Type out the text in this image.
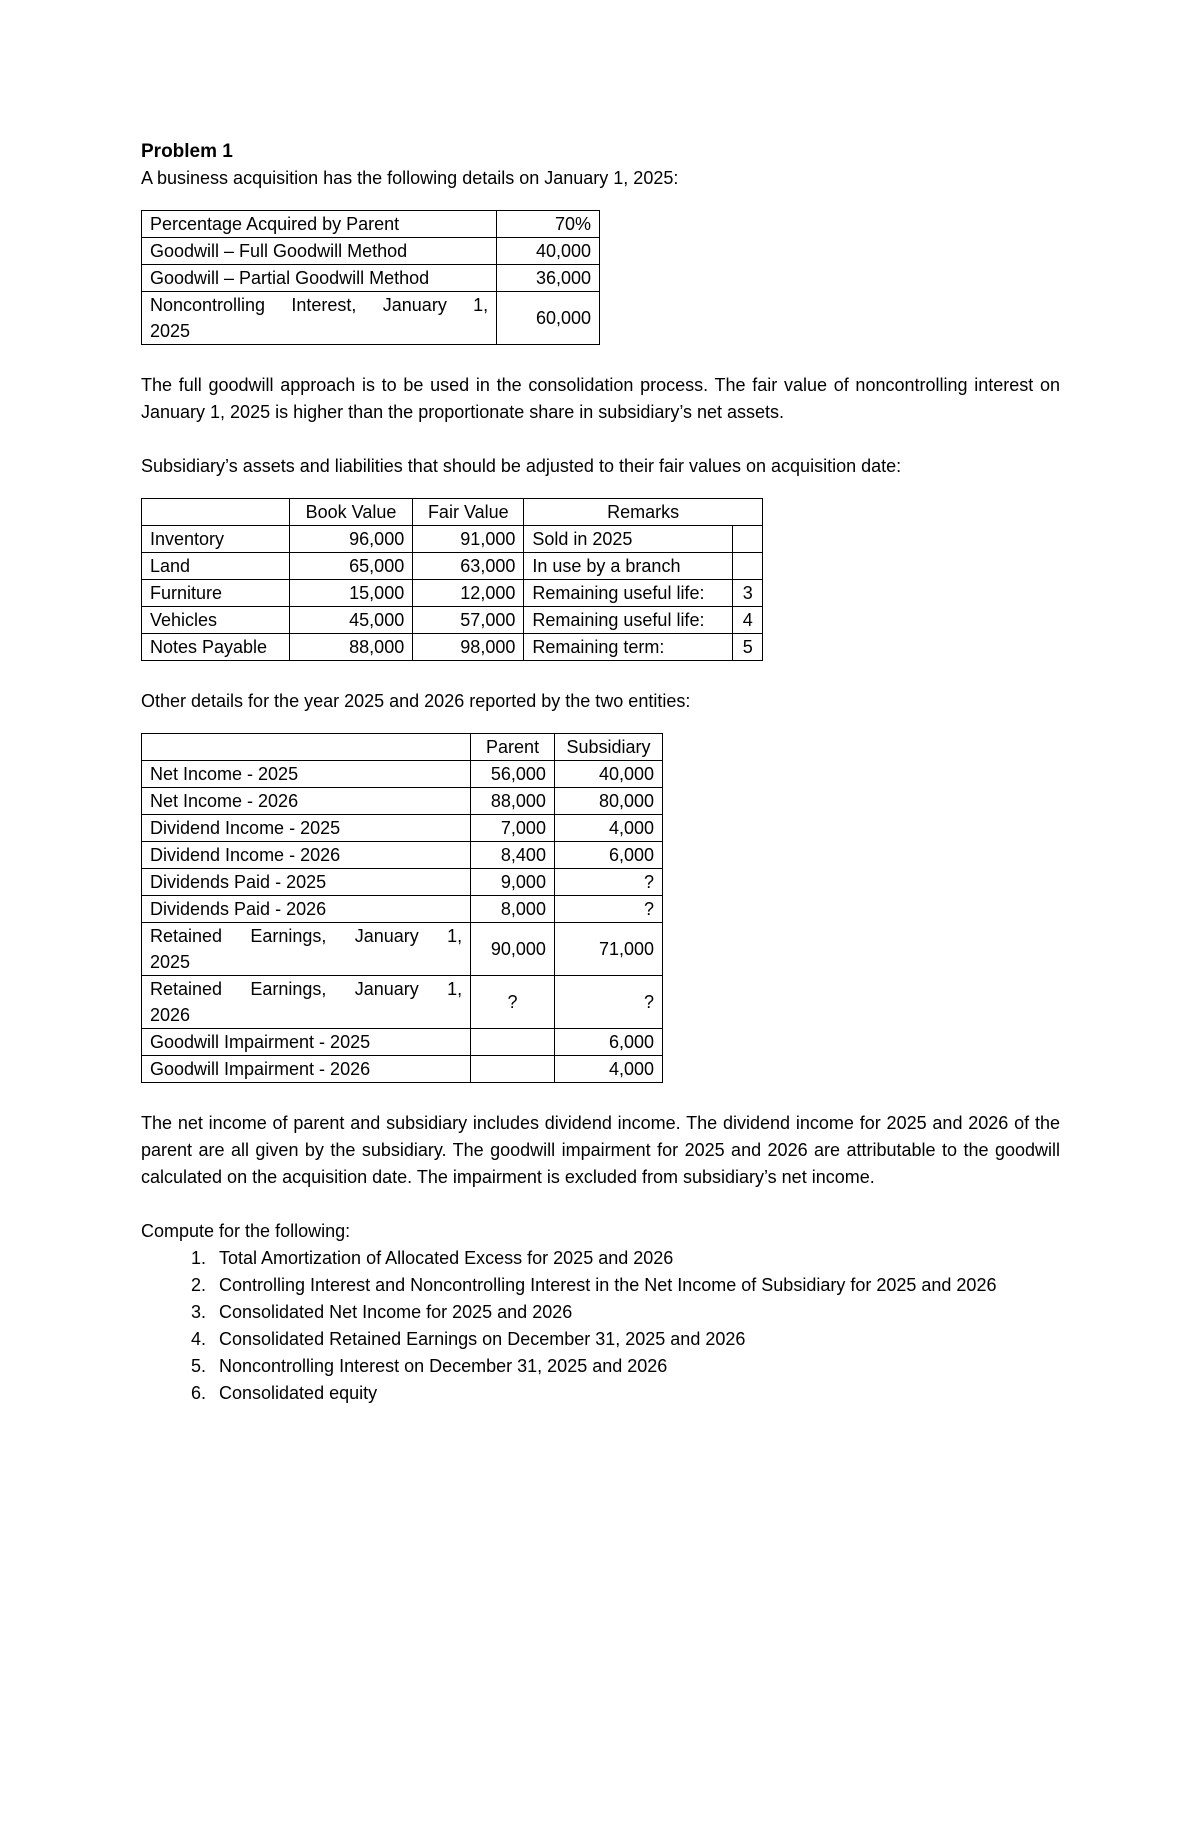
Problem 1

A business acquisition has the following details on January 1, 2025:

Percentage Acquired by Parent	70%
Goodwill – Full Goodwill Method	40,000
Goodwill – Partial Goodwill Method	36,000
Noncontrolling Interest, January 1, 2025	60,000

The full goodwill approach is to be used in the consolidation process. The fair value of noncontrolling interest on January 1, 2025 is higher than the proportionate share in subsidiary’s net assets.

Subsidiary’s assets and liabilities that should be adjusted to their fair values on acquisition date:

	Book Value	Fair Value	Remarks	
Inventory	96,000	91,000	Sold in 2025	
Land	65,000	63,000	In use by a branch	
Furniture	15,000	12,000	Remaining useful life:	3
Vehicles	45,000	57,000	Remaining useful life:	4
Notes Payable	88,000	98,000	Remaining term:	5

Other details for the year 2025 and 2026 reported by the two entities:

	Parent	Subsidiary
Net Income - 2025	56,000	40,000
Net Income - 2026	88,000	80,000
Dividend Income - 2025	7,000	4,000
Dividend Income - 2026	8,400	6,000
Dividends Paid - 2025	9,000	?
Dividends Paid - 2026	8,000	?
Retained Earnings, January 1, 2025	90,000	71,000
Retained Earnings, January 1, 2026	?	?
Goodwill Impairment - 2025		6,000
Goodwill Impairment - 2026		4,000

The net income of parent and subsidiary includes dividend income. The dividend income for 2025 and 2026 of the parent are all given by the subsidiary. The goodwill impairment for 2025 and 2026 are attributable to the goodwill calculated on the acquisition date. The impairment is excluded from subsidiary’s net income.

Compute for the following:

1. Total Amortization of Allocated Excess for 2025 and 2026
2. Controlling Interest and Noncontrolling Interest in the Net Income of Subsidiary for 2025 and 2026
3. Consolidated Net Income for 2025 and 2026
4. Consolidated Retained Earnings on December 31, 2025 and 2026
5. Noncontrolling Interest on December 31, 2025 and 2026
6. Consolidated equity
